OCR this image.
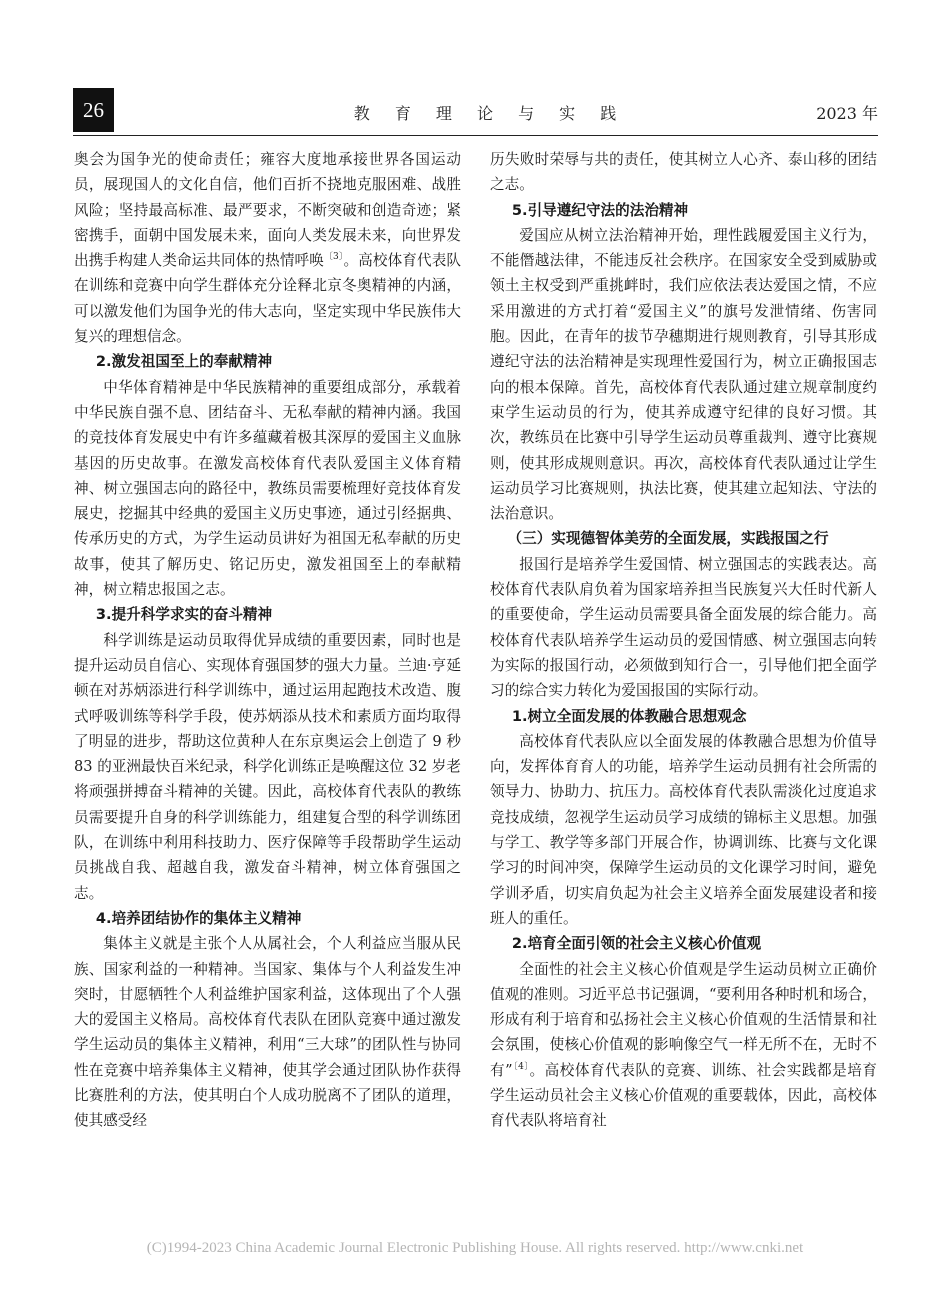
26	教 育 理 论 与 实 践	2023 年

奥会为国争光的使命责任；雍容大度地承接世界各国运动员，展现国人的文化自信，他们百折不挠地克服困难、战胜风险；坚持最高标准、最严要求，不断突破和创造奇迹；紧密携手，面朝中国发展未来，面向人类发展未来，向世界发出携手构建人类命运共同体的热情呼唤$^{〔3〕}$。高校体育代表队在训练和竞赛中向学生群体充分诠释北京冬奥精神的内涵，可以激发他们为国争光的伟大志向，坚定实现中华民族伟大复兴的理想信念。

2.激发祖国至上的奉献精神

中华体育精神是中华民族精神的重要组成部分，承载着中华民族自强不息、团结奋斗、无私奉献的精神内涵。我国的竞技体育发展史中有许多蕴藏着极其深厚的爱国主义血脉基因的历史故事。在激发高校体育代表队爱国主义体育精神、树立强国志向的路径中，教练员需要梳理好竞技体育发展史，挖掘其中经典的爱国主义历史事迹，通过引经据典、传承历史的方式，为学生运动员讲好为祖国无私奉献的历史故事，使其了解历史、铭记历史，激发祖国至上的奉献精神，树立精忠报国之志。

3.提升科学求实的奋斗精神

科学训练是运动员取得优异成绩的重要因素，同时也是提升运动员自信心、实现体育强国梦的强大力量。兰迪·亨延顿在对苏炳添进行科学训练中，通过运用起跑技术改造、腹式呼吸训练等科学手段，使苏炳添从技术和素质方面均取得了明显的进步，帮助这位黄种人在东京奥运会上创造了 9 秒 83 的亚洲最快百米纪录，科学化训练正是唤醒这位 32 岁老将顽强拼搏奋斗精神的关键。因此，高校体育代表队的教练员需要提升自身的科学训练能力，组建复合型的科学训练团队，在训练中利用科技助力、医疗保障等手段帮助学生运动员挑战自我、超越自我，激发奋斗精神，树立体育强国之志。

4.培养团结协作的集体主义精神

集体主义就是主张个人从属社会，个人利益应当服从民族、国家利益的一种精神。当国家、集体与个人利益发生冲突时，甘愿牺牲个人利益维护国家利益，这体现出了个人强大的爱国主义格局。高校体育代表队在团队竞赛中通过激发学生运动员的集体主义精神，利用“三大球”的团队性与协同性在竞赛中培养集体主义精神，使其学会通过团队协作获得比赛胜利的方法，使其明白个人成功脱离不了团队的道理，使其感受经

历失败时荣辱与共的责任，使其树立人心齐、泰山移的团结之志。

5.引导遵纪守法的法治精神

爱国应从树立法治精神开始，理性践履爱国主义行为，不能僭越法律，不能违反社会秩序。在国家安全受到威胁或领土主权受到严重挑衅时，我们应依法表达爱国之情，不应采用激进的方式打着“爱国主义”的旗号发泄情绪、伤害同胞。因此，在青年的拔节孕穗期进行规则教育，引导其形成遵纪守法的法治精神是实现理性爱国行为，树立正确报国志向的根本保障。首先，高校体育代表队通过建立规章制度约束学生运动员的行为，使其养成遵守纪律的良好习惯。其次，教练员在比赛中引导学生运动员尊重裁判、遵守比赛规则，使其形成规则意识。再次，高校体育代表队通过让学生运动员学习比赛规则，执法比赛，使其建立起知法、守法的法治意识。

（三）实现德智体美劳的全面发展，实践报国之行

报国行是培养学生爱国情、树立强国志的实践表达。高校体育代表队肩负着为国家培养担当民族复兴大任时代新人的重要使命，学生运动员需要具备全面发展的综合能力。高校体育代表队培养学生运动员的爱国情感、树立强国志向转为实际的报国行动，必须做到知行合一，引导他们把全面学习的综合实力转化为爱国报国的实际行动。

1.树立全面发展的体教融合思想观念

高校体育代表队应以全面发展的体教融合思想为价值导向，发挥体育育人的功能，培养学生运动员拥有社会所需的领导力、协助力、抗压力。高校体育代表队需淡化过度追求竞技成绩，忽视学生运动员学习成绩的锦标主义思想。加强与学工、教学等多部门开展合作，协调训练、比赛与文化课学习的时间冲突，保障学生运动员的文化课学习时间，避免学训矛盾，切实肩负起为社会主义培养全面发展建设者和接班人的重任。

2.培育全面引领的社会主义核心价值观

全面性的社会主义核心价值观是学生运动员树立正确价值观的准则。习近平总书记强调，“要利用各种时机和场合，形成有利于培育和弘扬社会主义核心价值观的生活情景和社会氛围，使核心价值观的影响像空气一样无所不在，无时不有”$^{〔4〕}$。高校体育代表队的竞赛、训练、社会实践都是培育学生运动员社会主义核心价值观的重要载体，因此，高校体育代表队将培育社

(C)1994-2023 China Academic Journal Electronic Publishing House. All rights reserved. http://www.cnki.net
